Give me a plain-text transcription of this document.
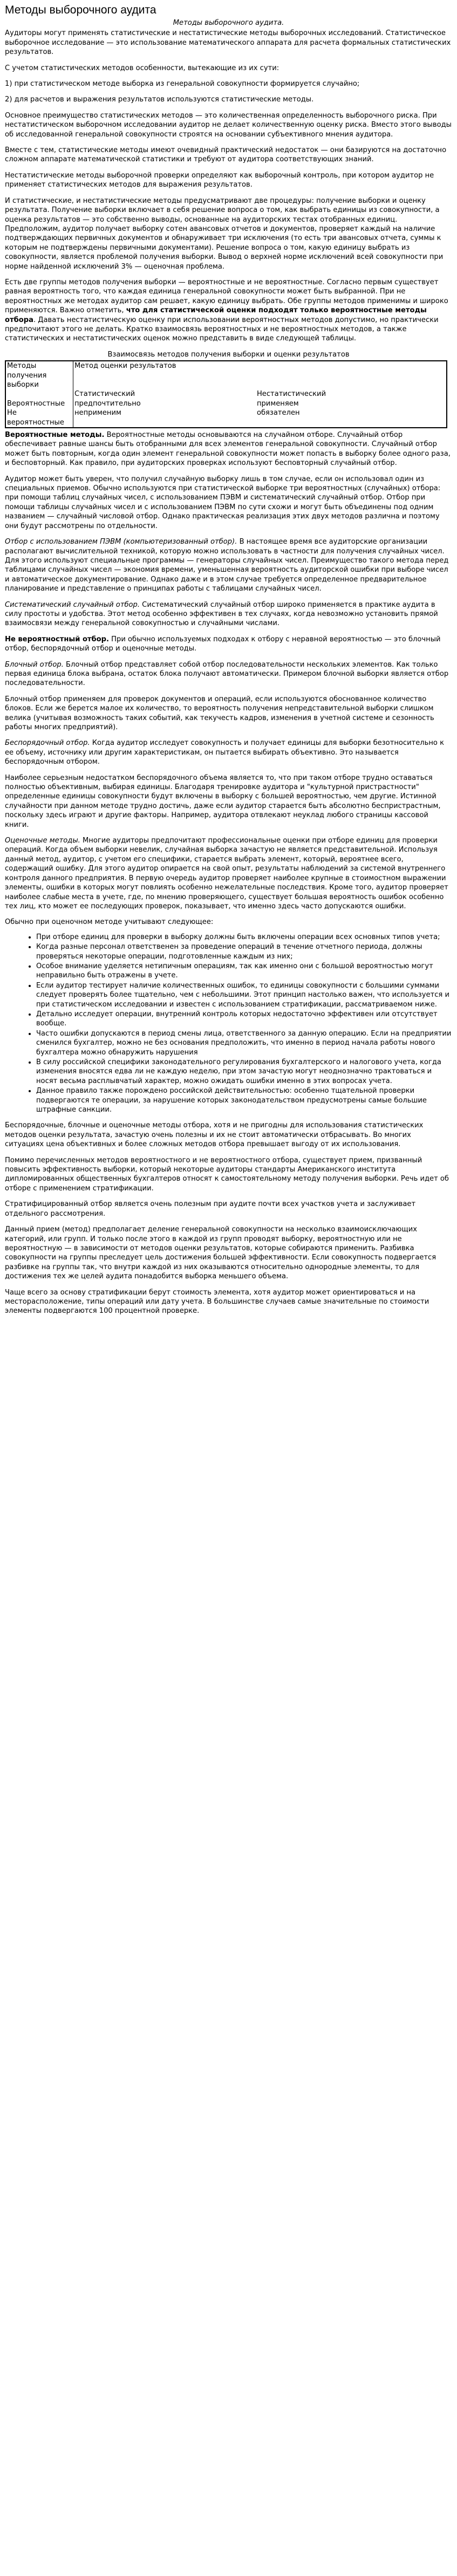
Методы выборочного аудита
Методы выборочного аудита.

Аудиторы могут применять статистические и нестатистические методы выборочных исследований. Статистическое выборочное исследование — это использование математического аппарата для расчета формальных статистических результатов.

С учетом статистических методов особенности, вытекающие из их сути:

1) при статистическом методе выборка из генеральной совокупности формируется случайно;

2) для расчетов и выражения результатов используются статистические методы.

Основное преимущество статистических методов — это количественная определенность выборочного риска. При нестатистическом выборочном исследовании аудитор не делает количественную оценку риска. Вместо этого выводы об исследованной генеральной совокупности строятся на основании субъективного мнения аудитора.

Вместе с тем, статистические методы имеют очевидный практический недостаток — они базируются на достаточно сложном аппарате математической статистики и требуют от аудитора соответствующих знаний.

Нестатистические методы выборочной проверки определяют как выборочный контроль, при котором аудитор не применяет статистических методов для выражения результатов.

И статистические, и нестатистические методы предусматривают две процедуры: получение выборки и оценку результата. Получение выборки включает в себя решение вопроса о том, как выбрать единицы из совокупности, а оценка результатов — это собственно выводы, основанные на аудиторских тестах отобранных единиц. Предположим, аудитор получает выборку сотен авансовых отчетов и документов, проверяет каждый на наличие подтверждающих первичных документов и обнаруживает три исключения (то есть три авансовых отчета, суммы к которым не подтверждены первичными документами). Решение вопроса о том, какую единицу выбрать из совокупности, является проблемой получения выборки. Вывод о верхней норме исключений всей совокупности при норме найденной исключений 3% — оценочная проблема.

Есть две группы методов получения выборки — вероятностные и не вероятностные. Согласно первым существует равная вероятность того, что каждая единица генеральной совокупности может быть выбранной. При не вероятностных же методах аудитор сам решает, какую единицу выбрать. Обе группы методов применимы и широко применяются. Важно отметить, что для статистической оценки подходят только вероятностные методы отбора. Давать нестатистическую оценку при использовании вероятностных методов допустимо, но практически предпочитают этого не делать. Кратко взаимосвязь вероятностных и не вероятностных методов, а также статистических и нестатистических оценок можно представить в виде следующей таблицы.

Взаимосвязь методов получения выборки и оценки результатов
Методы получения выборки	Метод оценки результатов	
	Статистический	Нестатистический
Вероятностные	предпочтительно	применяем
Не вероятностные	неприменим	обязателен

Вероятностные методы. Вероятностные методы основываются на случайном отборе. Случайный отбор обеспечивает равные шансы быть отобранными для всех элементов генеральной совокупности. Случайный отбор может быть повторным, когда один элемент генеральной совокупности может попасть в выборку более одного раза, и бесповторный. Как правило, при аудиторских проверках используют бесповторный случайный отбор.

Аудитор может быть уверен, что получил случайную выборку лишь в том случае, если он использовал один из специальных приемов. Обычно используются при статистической выборке три вероятностных (случайных) отбора: при помощи таблиц случайных чисел, с использованием ПЭВМ и систематический случайный отбор. Отбор при помощи таблицы случайных чисел и с использованием ПЭВМ по сути схожи и могут быть объединены под одним названием — случайный числовой отбор. Однако практическая реализация этих двух методов различна и поэтому они будут рассмотрены по отдельности.

Отбор с использованием ПЭВМ (компьютеризованный отбор). В настоящее время все аудиторские организации располагают вычислительной техникой, которую можно использовать в частности для получения случайных чисел. Для этого используют специальные программы — генераторы случайных чисел. Преимущество такого метода перед таблицами случайных чисел — экономия времени, уменьшенная вероятность аудиторской ошибки при выборе чисел и автоматическое документирование. Однако даже и в этом случае требуется определенное предварительное планирование и представление о принципах работы с таблицами случайных чисел.

Систематический случайный отбор. Систематический случайный отбор широко применяется в практике аудита в силу простоты и удобства. Этот метод особенно эффективен в тех случаях, когда невозможно установить прямой взаимосвязи между генеральной совокупностью и случайными числами.

Не вероятностный отбор. При обычно используемых подходах к отбору с неравной вероятностью — это блочный отбор, беспорядочный отбор и оценочные методы.

Блочный отбор. Блочный отбор представляет собой отбор последовательности нескольких элементов. Как только первая единица блока выбрана, остаток блока получают автоматически. Примером блочной выборки является отбор последовательности.

Блочный отбор применяем для проверок документов и операций, если используются обоснованное количество блоков. Если же берется малое их количество, то вероятность получения непредставительной выборки слишком велика (учитывая возможность таких событий, как текучесть кадров, изменения в учетной системе и сезонность работы многих предприятий).

Беспорядочный отбор. Когда аудитор исследует совокупность и получает единицы для выборки безотносительно к ее объему, источнику или другим характеристикам, он пытается выбирать объективно. Это называется беспорядочным отбором.

Наиболее серьезным недостатком беспорядочного объема является то, что при таком отборе трудно оставаться полностью объективным, выбирая единицы. Благодаря тренировке аудитора и "культурной пристрастности" определенные единицы совокупности будут включены в выборку с большей вероятностью, чем другие. Истинной случайности при данном методе трудно достичь, даже если аудитор старается быть абсолютно беспристрастным, поскольку здесь играют и другие факторы. Например, аудитора отвлекают неуклад любого страницы кассовой книги.

Оценочные методы. Многие аудиторы предпочитают профессиональные оценки при отборе единиц для проверки операций. Когда объем выборки невелик, случайная выборка зачастую не является представительной. Используя данный метод, аудитор, с учетом его специфики, старается выбрать элемент, который, вероятнее всего, содержащий ошибку. Для этого аудитор опирается на свой опыт, результаты наблюдений за системой внутреннего контроля данного предприятия. В первую очередь аудитор проверяет наиболее крупные в стоимостном выражении элементы, ошибки в которых могут повлиять особенно нежелательные последствия. Кроме того, аудитор проверяет наиболее слабые места в учете, где, по мнению проверяющего, существует большая вероятность ошибок особенно тех лиц, кто может ее последующих проверок, показывает, что именно здесь часто допускаются ошибки.

Обычно при оценочном методе учитывают следующее:

• При отборе единиц для проверки в выборку должны быть включены операции всех основных типов учета;
• Когда разные персонал ответственен за проведение операций в течение отчетного периода, должны проверяться некоторые операции, подготовленные каждым из них;
• Особое внимание уделяется нетипичным операциям, так как именно они с большой вероятностью могут неправильно быть отражены в учете.
• Если аудитор тестирует наличие количественных ошибок, то единицы совокупности с большими суммами следует проверять более тщательно, чем с небольшими. Этот принцип настолько важен, что используется и при статистическом исследовании и известен с использованием стратификации, рассматриваемом ниже.
• Детально исследует операции, внутренний контроль которых недостаточно эффективен или отсутствует вообще.
• Часто ошибки допускаются в период смены лица, ответственного за данную операцию. Если на предприятии сменился бухгалтер, можно не без основания предположить, что именно в период начала работы нового бухгалтера можно обнаружить нарушения
• В силу российской специфики законодательного регулирования бухгалтерского и налогового учета, когда изменения вносятся едва ли не каждую неделю, при этом зачастую могут неоднозначно трактоваться и носят весьма расплывчатый характер, можно ожидать ошибки именно в этих вопросах учета.
• Данное правило также порождено российской действительностью: особенно тщательной проверки подвергаются те операции, за нарушение которых законодательством предусмотрены самые большие штрафные санкции.

Беспорядочные, блочные и оценочные методы отбора, хотя и не пригодны для использования статистических методов оценки результата, зачастую очень полезны и их не стоит автоматически отбрасывать. Во многих ситуациях цена объективных и более сложных методов отбора превышает выгоду от их использования.

Помимо перечисленных методов вероятностного и не вероятностного отбора, существует прием, призванный повысить эффективность выборки, который некоторые аудиторы стандарты Американского института дипломированных общественных бухгалтеров относят к самостоятельному методу получения выборки. Речь идет об отборе с применением стратификации.

Стратифицированный отбор является очень полезным при аудите почти всех участков учета и заслуживает отдельного рассмотрения.

Данный прием (метод) предполагает деление генеральной совокупности на несколько взаимоисключающих категорий, или групп. И только после этого в каждой из групп проводят выборку, вероятностную или не вероятностную — в зависимости от методов оценки результатов, которые собираются применить. Разбивка совокупности на группы преследует цель достижения большей эффективности. Если совокупность подвергается разбивке на группы так, что внутри каждой из них оказываются относительно однородные элементы, то для достижения тех же целей аудита понадобится выборка меньшего объема.

Чаще всего за основу стратификации берут стоимость элемента, хотя аудитор может ориентироваться и на месторасположение, типы операций или дату учета. В большинстве случаев самые значительные по стоимости элементы подвергаются 100 процентной проверке.
